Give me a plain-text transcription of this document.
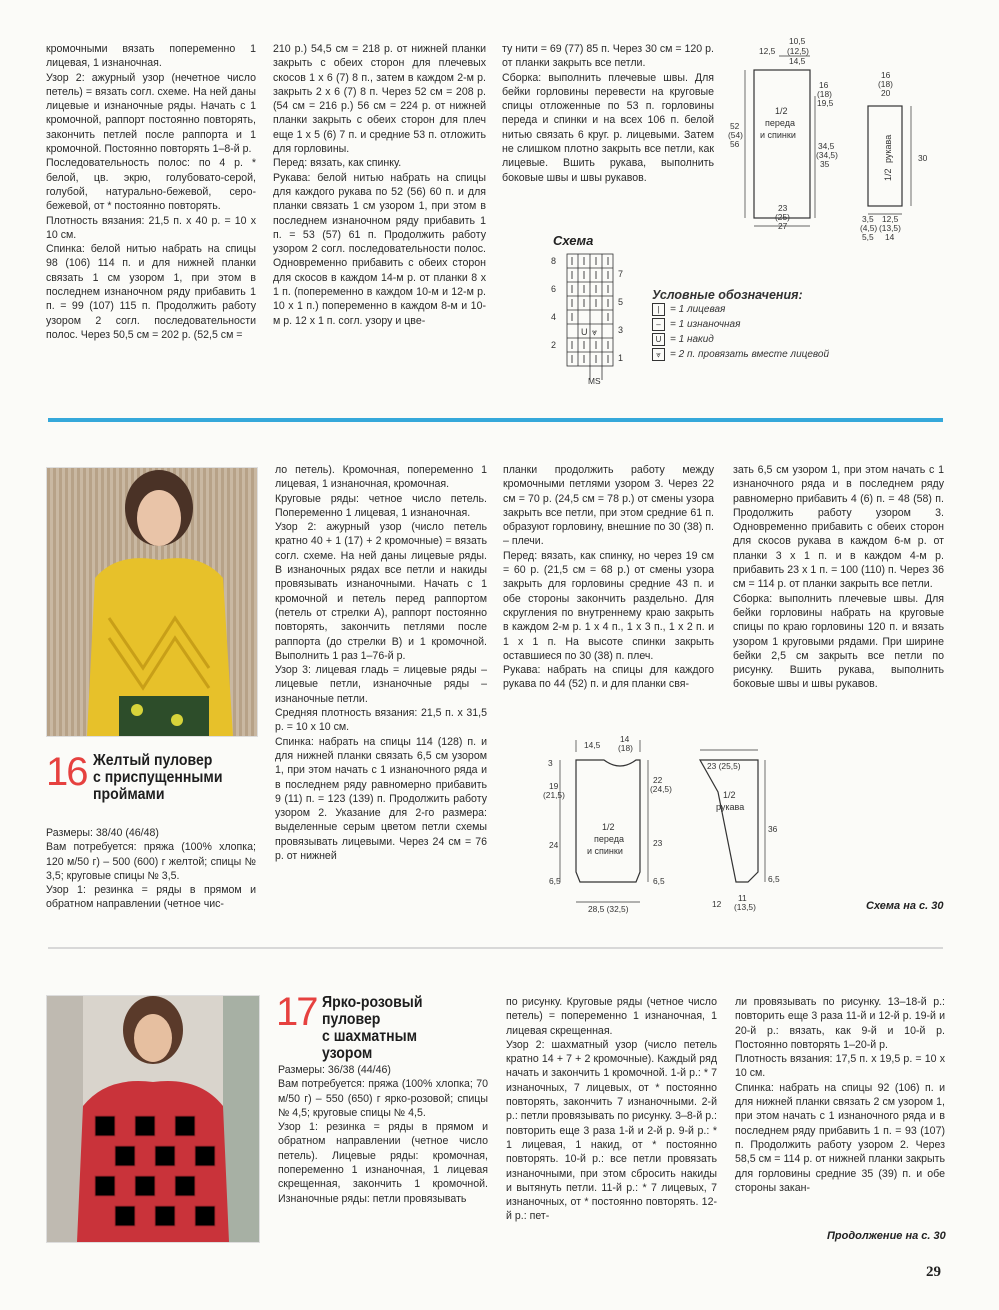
кромочными вязать попеременно 1 лицевая, 1 изнаночная.

Узор 2: ажурный узор (нечетное число петель) = вязать согл. схеме. На ней даны лицевые и изнаночные ряды. Начать с 1 кромочной, раппорт постоянно повторять, закончить петлей после раппорта и 1 кромочной. Постоянно повторять 1–8-й р.

Последовательность полос: по 4 р. * белой, цв. экрю, голубовато-серой, голубой, натурально-бежевой, серо-бежевой, от * постоянно повторять.

Плотность вязания: 21,5 п. х 40 р. = 10 х 10 см.

Спинка: белой нитью набрать на спицы 98 (106) 114 п. и для нижней планки связать 1 см узором 1, при этом в последнем изнаночном ряду прибавить 1 п. = 99 (107) 115 п. Продолжить работу узором 2 согл. последовательности полос. Через 50,5 см = 202 р. (52,5 см =

210 р.) 54,5 см = 218 р. от нижней планки закрыть с обеих сторон для плечевых скосов 1 х 6 (7) 8 п., затем в каждом 2-м р. закрыть 2 х 6 (7) 8 п. Через 52 см = 208 р. (54 см = 216 р.) 56 см = 224 р. от нижней планки закрыть с обеих сторон для плеч еще 1 х 5 (6) 7 п. и средние 53 п. отложить для горловины.

Перед: вязать, как спинку.

Рукава: белой нитью набрать на спицы для каждого рукава по 52 (56) 60 п. и для планки связать 1 см узором 1, при этом в последнем изнаночном ряду прибавить 1 п. = 53 (57) 61 п. Продолжить работу узором 2 согл. последовательности полос. Одновременно прибавить с обеих сторон для скосов в каждом 14-м р. от планки 8 х 1 п. (попеременно в каждом 10-м и 12-м р. 10 х 1 п.) попеременно в каждом 8-м и 10-м р. 12 х 1 п. согл. узору и цве-

ту нити = 69 (77) 85 п. Через 30 см = 120 р. от планки закрыть все петли.

Сборка: выполнить плечевые швы. Для бейки горловины перевести на круговые спицы отложенные по 53 п. горловины переда и спинки и на всех 106 п. белой нитью связать 6 круг. р. лицевыми. Затем не слишком плотно закрыть все петли, как лицевые. Вшить рукава, выполнить боковые швы и швы рукавов.

10,5
12,5 (12,5)
14,5
16
(18)
19,5
52
(54)
56
1/2
переда
и спинки
34,5
(34,5)
35
23
(25)
27
16
(18)
20
1/2
рукава	30
3,5
(4,5)
5,5
12,5
(13,5)
14
Схема
U ⩔
8
6
4
2
7
5
3
1
MS
Условные обозначения:
|	= 1 лицевая
– = 1 изнаночная
U = 1 накид
⩔ = 2 п. провязать вместе лицевой
16 Желтый пуловер
с приспущенными
проймами

Размеры: 38/40 (46/48)

Вам потребуется: пряжа (100% хлопка; 120 м/50 г) – 500 (600) г желтой; спицы № 3,5; круговые спицы № 3,5.

Узор 1: резинка = ряды в прямом и обратном направлении (четное чис-

ло петель). Кромочная, попеременно 1 лицевая, 1 изнаночная, кромочная.

Круговые ряды: четное число петель. Попеременно 1 лицевая, 1 изнаночная.

Узор 2: ажурный узор (число петель кратно 40 + 1 (17) + 2 кромочные) = вязать согл. схеме. На ней даны лицевые ряды. В изнаночных рядах все петли и накиды провязывать изнаночными. Начать с 1 кромочной и петель перед раппортом (петель от стрелки А), раппорт постоянно повторять, закончить петлями после раппорта (до стрелки В) и 1 кромочной. Выполнить 1 раз 1–76-й р.

Узор 3: лицевая гладь = лицевые ряды – лицевые петли, изнаночные ряды – изнаночные петли.

Средняя плотность вязания: 21,5 п. х 31,5 р. = 10 х 10 см.

Спинка: набрать на спицы 114 (128) п. и для нижней планки связать 6,5 см узором 1, при этом начать с 1 изнаночного ряда и в последнем ряду равномерно прибавить 9 (11) п. = 123 (139) п. Продолжить работу узором 2. Указание для 2-го размера: выделенные серым цветом петли схемы провязывать лицевыми. Через 24 см = 76 р. от нижней

планки продолжить работу между кромочными петлями узором 3. Через 22 см = 70 р. (24,5 см = 78 р.) от смены узора закрыть все петли, при этом средние 61 п. образуют горловину, внешние по 30 (38) п. – плечи.

Перед: вязать, как спинку, но через 19 см = 60 р. (21,5 см = 68 р.) от смены узора закрыть для горловины средние 43 п. и обе стороны закончить раздельно. Для скругления по внутреннему краю закрыть в каждом 2-м р. 1 х 4 п., 1 х 3 п., 1 х 2 п. и 1 х 1 п. На высоте спинки закрыть оставшиеся по 30 (38) п. плеч.

Рукава: набрать на спицы для каждого рукава по 44 (52) п. и для планки свя-

зать 6,5 см узором 1, при этом начать с 1 изнаночного ряда и в последнем ряду равномерно прибавить 4 (6) п. = 48 (58) п. Продолжить работу узором 3. Одновременно прибавить с обеих сторон для скосов рукава в каждом 6-м р. от планки 3 х 1 п. и в каждом 4-м р. прибавить 23 х 1 п. = 100 (110) п. Через 36 см = 114 р. от планки закрыть все петли.

Сборка: выполнить плечевые швы. Для бейки горловины набрать на круговые спицы по краю горловины 120 п. и вязать узором 1 круговыми рядами. При ширине бейки 2,5 см закрыть все петли по рисунку. Вшить рукава, выполнить боковые швы и швы рукавов.

14,5
14
(18)
3
19
(21,5)
24
6,5
22
(24,5)
23
6,5
1/2
переда
и спинки
28,5 (32,5)
23 (25,5)
1/2
рукава
36
6,5
12
11
(13,5)	Схема на с. 30
17 Ярко-розовый
пуловер
с шахматным
узором

Размеры: 36/38 (44/46)

Вам потребуется: пряжа (100% хлопка; 70 м/50 г) – 550 (650) г ярко-розовой; спицы № 4,5; круговые спицы № 4,5.

Узор 1: резинка = ряды в прямом и обратном направлении (четное число петель). Лицевые ряды: кромочная, попеременно 1 изнаночная, 1 лицевая скрещенная, закончить 1 кромочной. Изнаночные ряды: петли провязывать

по рисунку. Круговые ряды (четное число петель) = попеременно 1 изнаночная, 1 лицевая скрещенная.

Узор 2: шахматный узор (число петель кратно 14 + 7 + 2 кромочные). Каждый ряд начать и закончить 1 кромочной. 1-й р.: * 7 изнаночных, 7 лицевых, от * постоянно повторять, закончить 7 изнаночными. 2-й р.: петли провязывать по рисунку. 3–8-й р.: повторить еще 3 раза 1-й и 2-й р. 9-й р.: * 1 лицевая, 1 накид, от * постоянно повторять. 10-й р.: все петли провязать изнаночными, при этом сбросить накиды и вытянуть петли. 11-й р.: * 7 лицевых, 7 изнаночных, от * постоянно повторять. 12-й р.: пет-

ли провязывать по рисунку. 13–18-й р.: повторить еще 3 раза 11-й и 12-й р. 19-й и 20-й р.: вязать, как 9-й и 10-й р. Постоянно повторять 1–20-й р.

Плотность вязания: 17,5 п. х 19,5 р. = 10 х 10 см.

Спинка: набрать на спицы 92 (106) п. и для нижней планки связать 2 см узором 1, при этом начать с 1 изнаночного ряда и в последнем ряду прибавить 1 п. = 93 (107) п. Продолжить работу узором 2. Через 58,5 см = 114 р. от нижней планки закрыть для горловины средние 35 (39) п. и обе стороны закан-

Продолжение на с. 30
29
